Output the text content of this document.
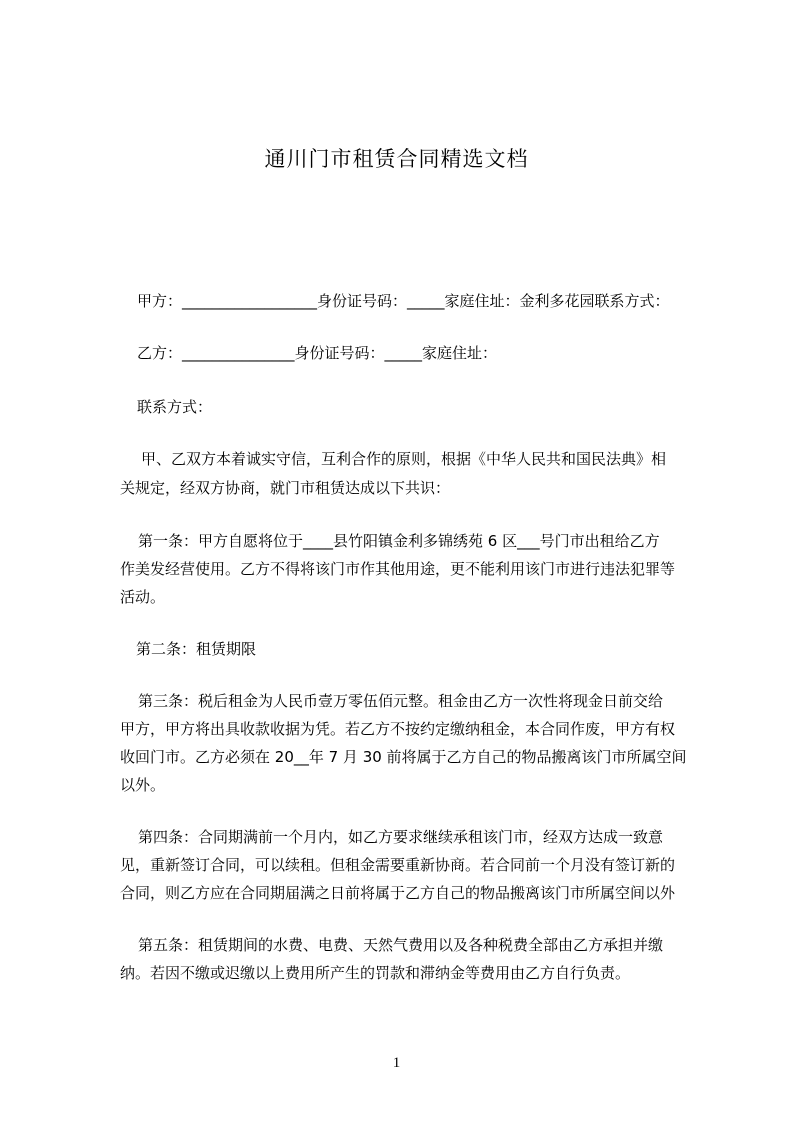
通川门市租赁合同精选文档
甲方：__________________身份证号码：_____家庭住址：金利多花园联系方式：
乙方：_______________身份证号码：_____家庭住址：
联系方式：
甲、乙双方本着诚实守信，互利合作的原则，根据《中华人民共和国民法典》相
关规定，经双方协商，就门市租赁达成以下共识：
第一条：甲方自愿将位于____县竹阳镇金利多锦绣苑 6 区___号门市出租给乙方
作美发经营使用。乙方不得将该门市作其他用途，更不能利用该门市进行违法犯罪等
活动。
第二条：租赁期限
第三条：税后租金为人民币壹万零伍佰元整。租金由乙方一次性将现金日前交给
甲方，甲方将出具收款收据为凭。若乙方不按约定缴纳租金，本合同作废，甲方有权
收回门市。乙方必须在 20__年 7 月 30 前将属于乙方自己的物品搬离该门市所属空间
以外。
第四条：合同期满前一个月内，如乙方要求继续承租该门市，经双方达成一致意
见，重新签订合同，可以续租。但租金需要重新协商。若合同前一个月没有签订新的
合同，则乙方应在合同期届满之日前将属于乙方自己的物品搬离该门市所属空间以外
第五条：租赁期间的水费、电费、天然气费用以及各种税费全部由乙方承担并缴
纳。若因不缴或迟缴以上费用所产生的罚款和滞纳金等费用由乙方自行负责。
1
